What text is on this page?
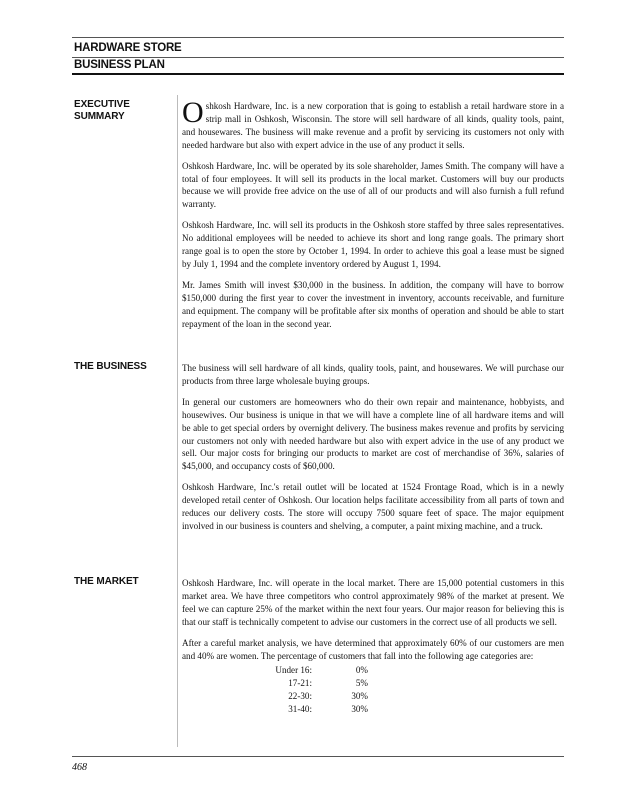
HARDWARE STORE
BUSINESS PLAN
EXECUTIVE
SUMMARY Oshkosh Hardware, Inc. is a new corporation that is going to establish a retail hardware store in a strip mall in Oshkosh, Wisconsin. The store will sell hardware of all kinds, quality tools, paint, and housewares. The business will make revenue and a profit by servicing its customers not only with needed hardware but also with expert advice in the use of any product it sells.

Oshkosh Hardware, Inc. will be operated by its sole shareholder, James Smith. The company will have a total of four employees. It will sell its products in the local market. Customers will buy our products because we will provide free advice on the use of all of our products and will also furnish a full refund warranty.

Oshkosh Hardware, Inc. will sell its products in the Oshkosh store staffed by three sales representatives. No additional employees will be needed to achieve its short and long range goals. The primary short range goal is to open the store by October 1, 1994. In order to achieve this goal a lease must be signed by July 1, 1994 and the complete inventory ordered by August 1, 1994.

Mr. James Smith will invest $30,000 in the business. In addition, the company will have to borrow $150,000 during the first year to cover the investment in inventory, accounts receivable, and furniture and equipment. The company will be profitable after six months of operation and should be able to start repayment of the loan in the second year.

THE BUSINESS	The business will sell hardware of all kinds, quality tools, paint, and housewares. We will purchase our products from three large wholesale buying groups.

In general our customers are homeowners who do their own repair and maintenance, hobbyists, and housewives. Our business is unique in that we will have a complete line of all hardware items and will be able to get special orders by overnight delivery. The business makes revenue and profits by servicing our customers not only with needed hardware but also with expert advice in the use of any product we sell. Our major costs for bringing our products to market are cost of merchandise of 36%, salaries of $45,000, and occupancy costs of $60,000.

Oshkosh Hardware, Inc.'s retail outlet will be located at 1524 Frontage Road, which is in a newly developed retail center of Oshkosh. Our location helps facilitate accessibility from all parts of town and reduces our delivery costs. The store will occupy 7500 square feet of space. The major equipment involved in our business is counters and shelving, a computer, a paint mixing machine, and a truck.

THE MARKET	Oshkosh Hardware, Inc. will operate in the local market. There are 15,000 potential customers in this market area. We have three competitors who control approximately 98% of the market at present. We feel we can capture 25% of the market within the next four years. Our major reason for believing this is that our staff is technically competent to advise our customers in the correct use of all products we sell.

After a careful market analysis, we have determined that approximately 60% of our customers are men and 40% are women. The percentage of customers that fall into the following age categories are:

Under 16:	0%
17-21:	5%
22-30:	30%
31-40:	30%
468
